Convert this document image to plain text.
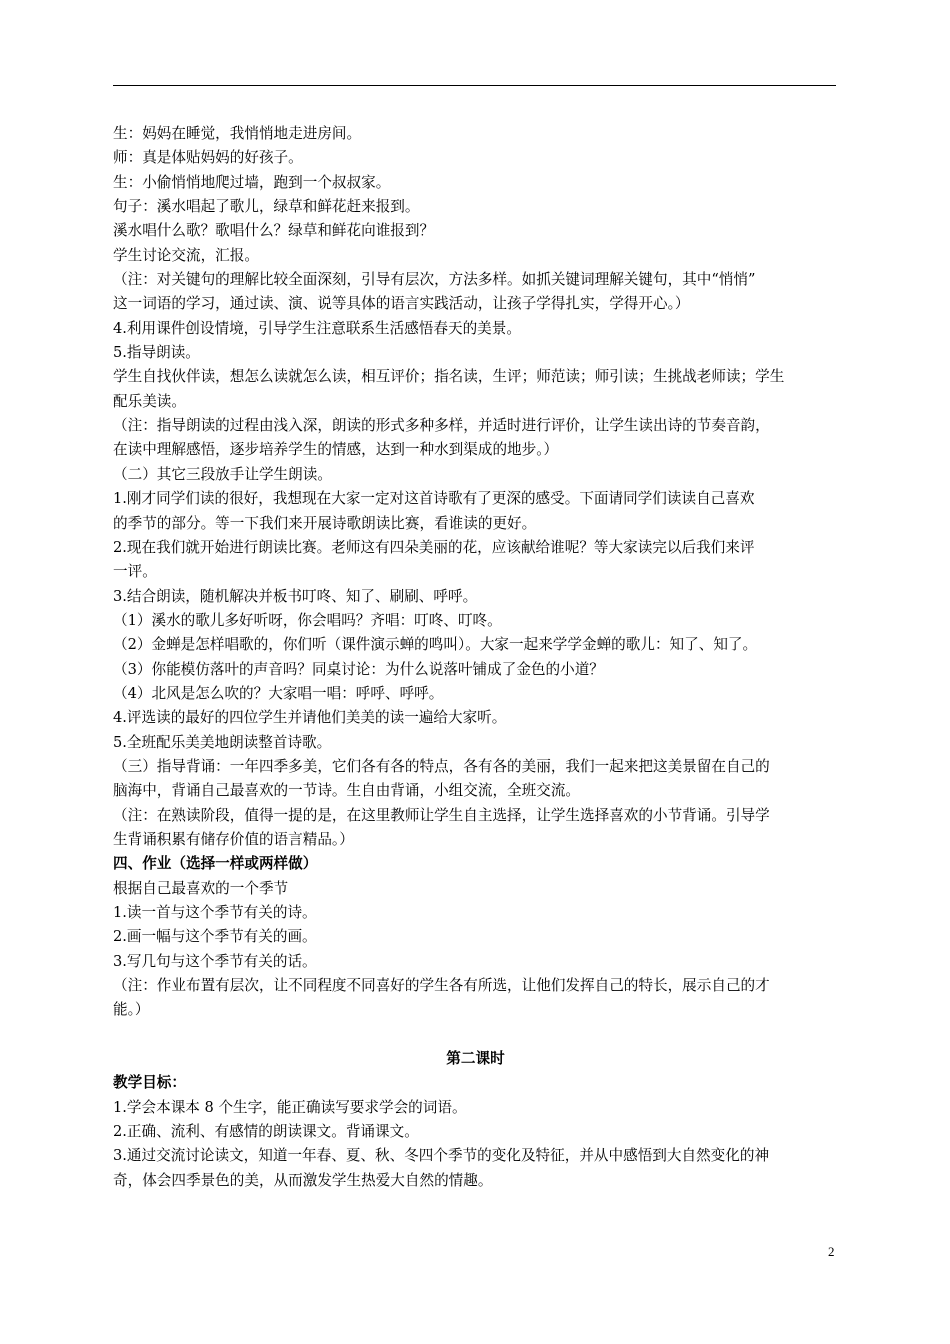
生：妈妈在睡觉，我悄悄地走进房间。
师：真是体贴妈妈的好孩子。
生：小偷悄悄地爬过墙，跑到一个叔叔家。
句子：溪水唱起了歌儿，绿草和鲜花赶来报到。
溪水唱什么歌？歌唱什么？绿草和鲜花向谁报到？
学生讨论交流，汇报。
（注：对关键句的理解比较全面深刻，引导有层次，方法多样。如抓关键词理解关键句，其中“悄悄”
这一词语的学习，通过读、演、说等具体的语言实践活动，让孩子学得扎实，学得开心。）
4.利用课件创设情境，引导学生注意联系生活感悟春天的美景。
5.指导朗读。
学生自找伙伴读，想怎么读就怎么读，相互评价；指名读，生评；师范读；师引读；生挑战老师读；学生
配乐美读。
（注：指导朗读的过程由浅入深，朗读的形式多种多样，并适时进行评价，让学生读出诗的节奏音韵，
在读中理解感悟，逐步培养学生的情感，达到一种水到渠成的地步。）
（二）其它三段放手让学生朗读。
1.刚才同学们读的很好，我想现在大家一定对这首诗歌有了更深的感受。下面请同学们读读自己喜欢
的季节的部分。等一下我们来开展诗歌朗读比赛，看谁读的更好。
2.现在我们就开始进行朗读比赛。老师这有四朵美丽的花，应该献给谁呢？等大家读完以后我们来评
一评。
3.结合朗读，随机解决并板书叮咚、知了、刷刷、呼呼。
（1）溪水的歌儿多好听呀，你会唱吗？齐唱：叮咚、叮咚。
（2）金蝉是怎样唱歌的，你们听（课件演示蝉的鸣叫）。大家一起来学学金蝉的歌儿：知了、知了。
（3）你能模仿落叶的声音吗？同桌讨论：为什么说落叶铺成了金色的小道？
（4）北风是怎么吹的？大家唱一唱：呼呼、呼呼。
4.评选读的最好的四位学生并请他们美美的读一遍给大家听。
5.全班配乐美美地朗读整首诗歌。
（三）指导背诵：一年四季多美，它们各有各的特点，各有各的美丽，我们一起来把这美景留在自己的
脑海中，背诵自己最喜欢的一节诗。生自由背诵，小组交流，全班交流。
（注：在熟读阶段，值得一提的是，在这里教师让学生自主选择，让学生选择喜欢的小节背诵。引导学
生背诵积累有储存价值的语言精品。）
四、作业（选择一样或两样做）
根据自己最喜欢的一个季节
1.读一首与这个季节有关的诗。
2.画一幅与这个季节有关的画。
3.写几句与这个季节有关的话。
（注：作业布置有层次，让不同程度不同喜好的学生各有所选，让他们发挥自己的特长，展示自己的才
能。）
第二课时
教学目标：
1.学会本课本 8 个生字，能正确读写要求学会的词语。
2.正确、流利、有感情的朗读课文。背诵课文。
3.通过交流讨论读文，知道一年春、夏、秋、冬四个季节的变化及特征，并从中感悟到大自然变化的神
奇，体会四季景色的美，从而激发学生热爱大自然的情趣。
2
